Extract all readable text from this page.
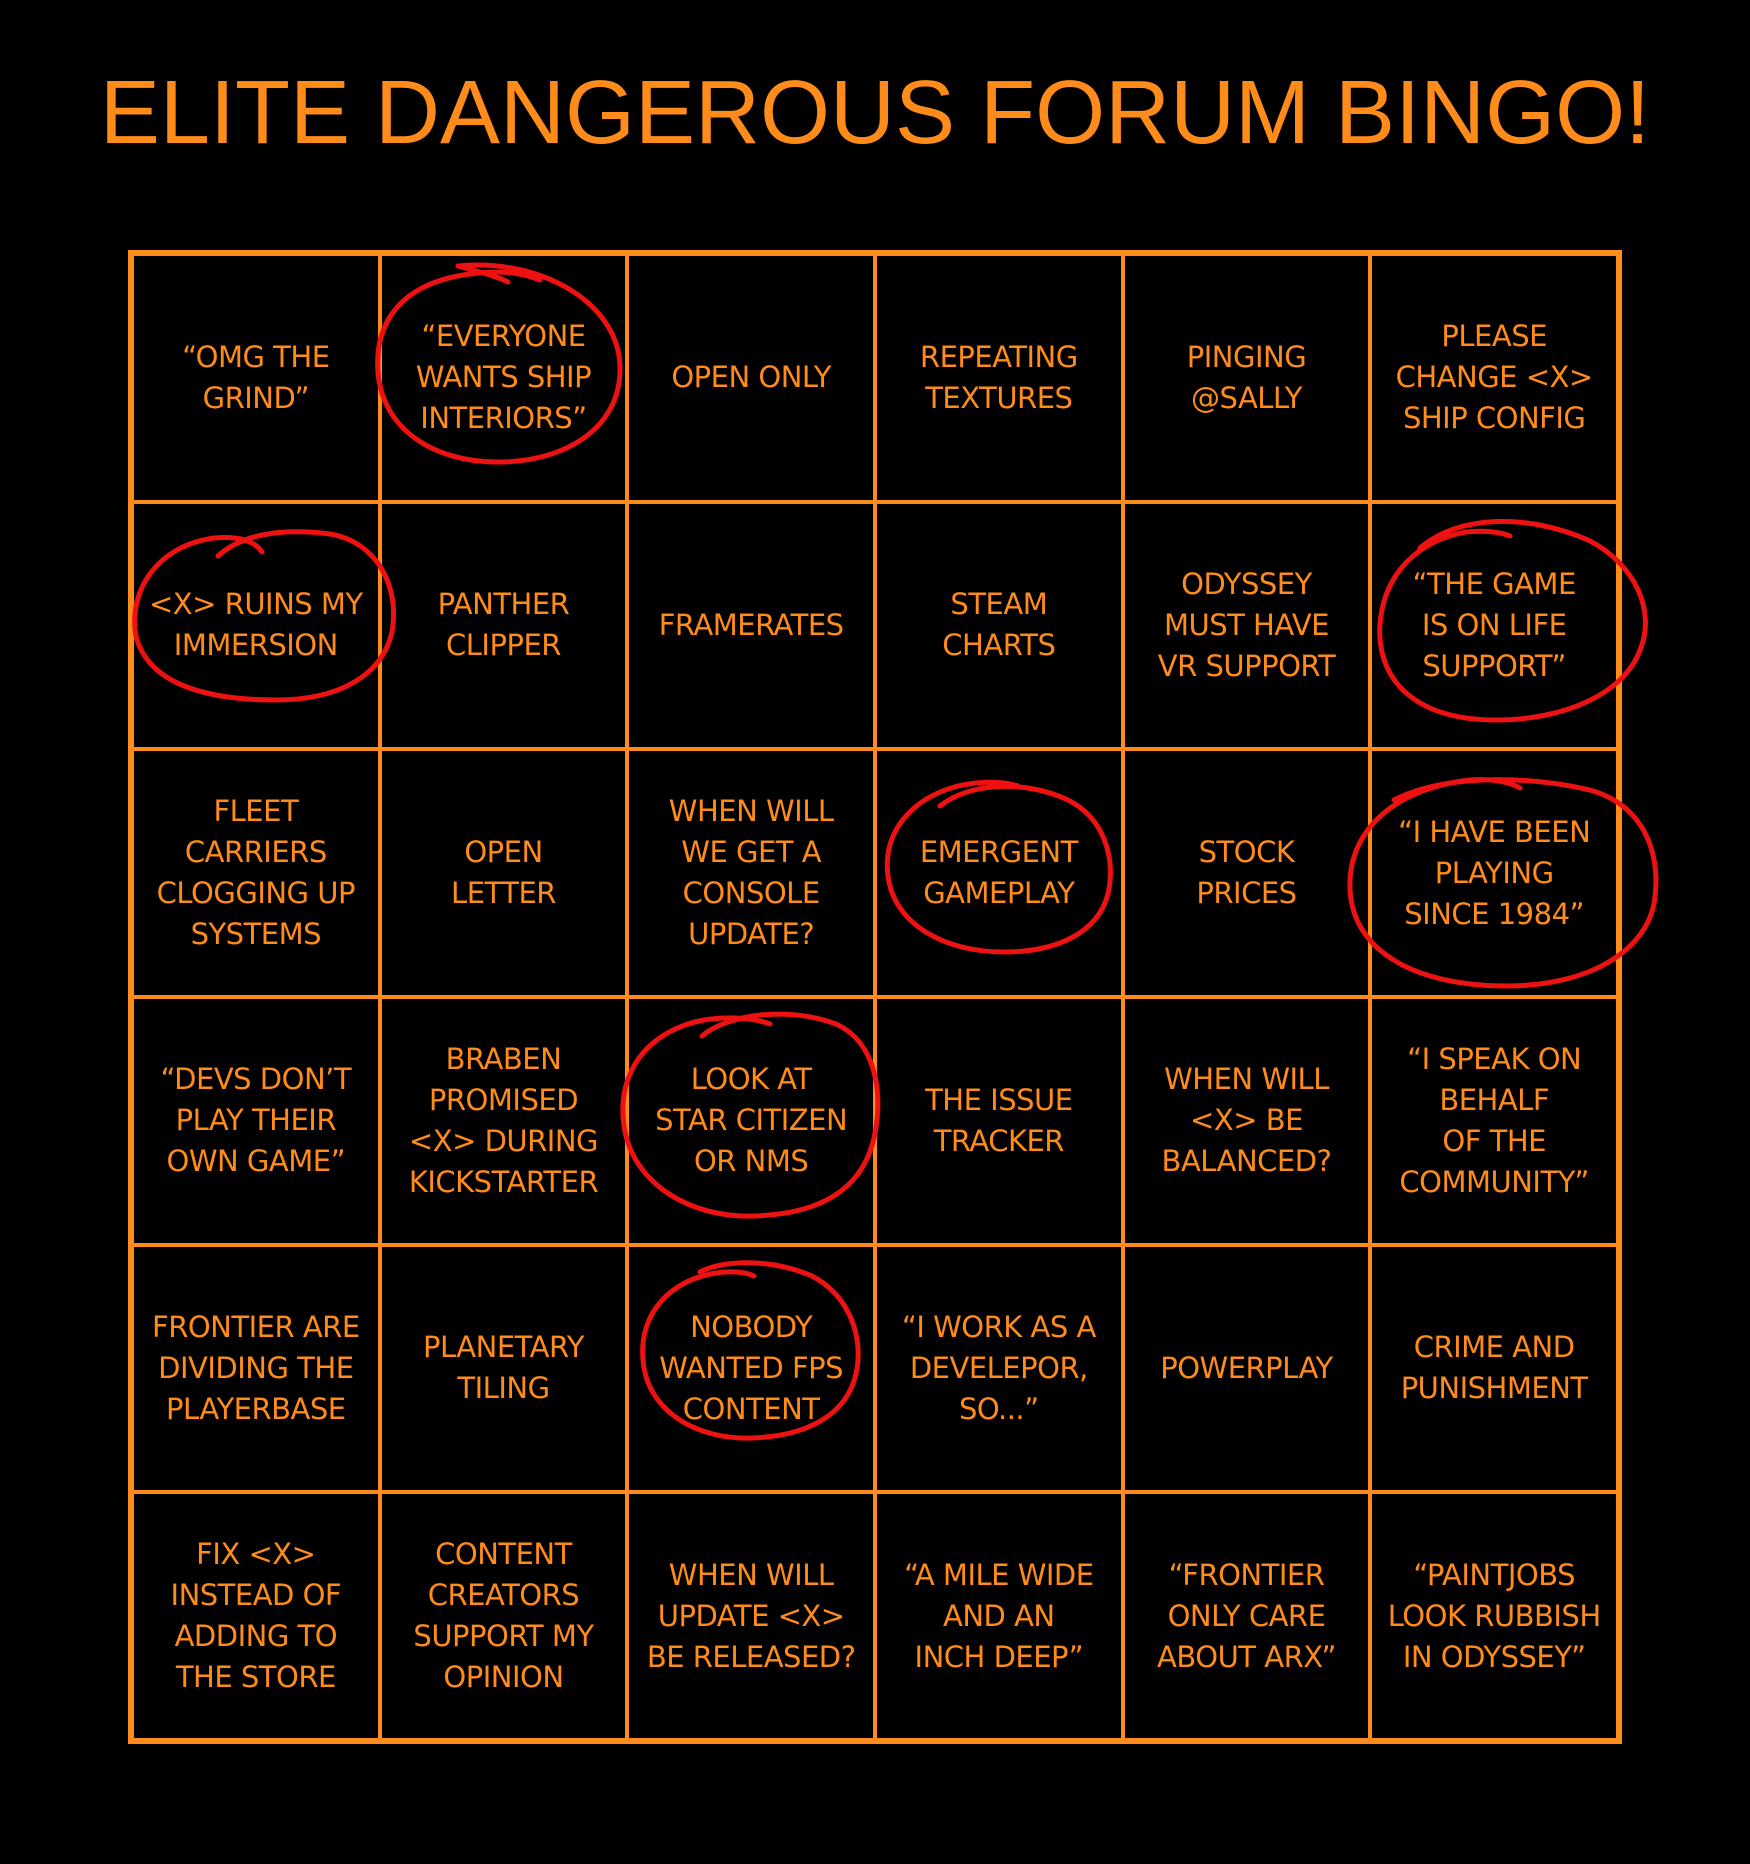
ELITE DANGEROUS FORUM BINGO!
“OMG THE
GRIND”
“EVERYONE
WANTS SHIP
INTERIORS”
OPEN ONLY
REPEATING
TEXTURES
PINGING
@SALLY
PLEASE
CHANGE <X>
SHIP CONFIG
<X> RUINS MY
IMMERSION
PANTHER
CLIPPER
FRAMERATES
STEAM
CHARTS
ODYSSEY
MUST HAVE
VR SUPPORT
“THE GAME
IS ON LIFE
SUPPORT”
FLEET
CARRIERS
CLOGGING UP
SYSTEMS
OPEN
LETTER
WHEN WILL
WE GET A
CONSOLE
UPDATE?
EMERGENT
GAMEPLAY
STOCK
PRICES
“I HAVE BEEN
PLAYING
SINCE 1984”
“DEVS DON’T
PLAY THEIR
OWN GAME”
BRABEN
PROMISED
<X> DURING
KICKSTARTER
LOOK AT
STAR CITIZEN
OR NMS
THE ISSUE
TRACKER
WHEN WILL
<X> BE
BALANCED?
“I SPEAK ON
BEHALF
OF THE
COMMUNITY”
FRONTIER ARE
DIVIDING THE
PLAYERBASE
PLANETARY
TILING
NOBODY
WANTED FPS
CONTENT
“I WORK AS A
DEVELEPOR,
SO...”
POWERPLAY
CRIME AND
PUNISHMENT
FIX <X>
INSTEAD OF
ADDING TO
THE STORE
CONTENT
CREATORS
SUPPORT MY
OPINION
WHEN WILL
UPDATE <X>
BE RELEASED?
“A MILE WIDE
AND AN
INCH DEEP”
“FRONTIER
ONLY CARE
ABOUT ARX”
“PAINTJOBS
LOOK RUBBISH
IN ODYSSEY”
